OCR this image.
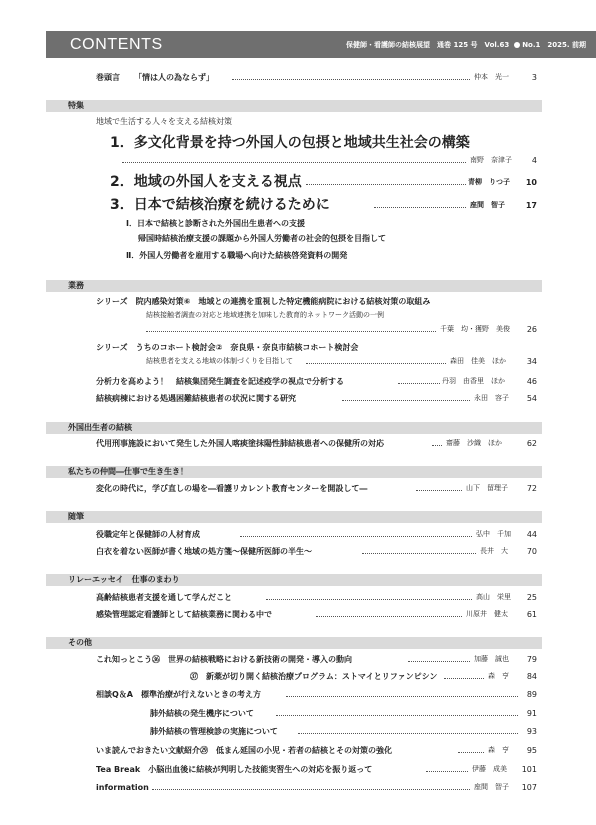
CONTENTS	保健師・看護師の結核展望 通巻 125 号 Vol.63 No.1 2025. 前期
巻頭言 「情は人の為ならず」	仲本　光一	3
特集
地域で生活する人々を支える結核対策
1．多文化背景を持つ外国人の包摂と地域共生社会の構築
南野　奈津子 4
2．地域の外国人を支える視点	青柳　りつ子 10
3．日本で結核治療を続けるために	座間　智子	17
Ⅰ．日本で結核と診断された外国出生患者への支援
帰国時結核治療支援の課題から外国人労働者の社会的包摂を目指して
Ⅱ．外国人労働者を雇用する職場へ向けた結核啓発資料の開発
業務
シリーズ　院内感染対策⑥　地域との連携を重視した特定機能病院における結核対策の取組み
結核接触者調査の対応と地域連携を加味した教育的ネットワーク活動の一例
千葉　均・獲野　美俊 26
シリーズ　うちのコホート検討会②　奈良県・奈良市結核コホート検討会
結核患者を支える地域の体制づくりを目指して	森田　佳美　ほか	34
分析力を高めよう！　結核集団発生調査を記述疫学の視点で分析する	丹羽　由香里　ほか	46
結核病棟における処遇困難結核患者の状況に関する研究	永田　容子 54
外国出生者の結核
代用刑事施設において発生した外国人喀痰塗抹陽性肺結核患者への保健所の対応	齋藤　沙織　ほか	62
私たちの仲間―仕事で生き生き！
変化の時代に，学び直しの場を―看護リカレント教育センターを開設して―	山下　留理子 72
随筆
役職定年と保健師の人材育成	弘中　千加 44
白衣を着ない医師が書く地域の処方箋～保健所医師の半生～	長井　大 70
リレーエッセイ　仕事のまわり
高齢結核患者支援を通して学んだこと	高山　栄里 25
感染管理認定看護師として結核業務に関わる中で	川原井　健太 61
その他
これ知っとこう㊱　世界の結核戦略における新技術の開発・導入の動向	加藤　誠也 79
㊲　新薬が切り開く結核治療プログラム：ストマイとリファンピシン	森　亨 84
相談Q＆A　標準治療が行えないときの考え方	89
肺外結核の発生機序について	91
肺外結核の管理検診の実施について	93
いま読んでおきたい文献紹介㉙　低まん延国の小児・若者の結核とその対策の強化	森　亨 95
Tea Break　小脳出血後に結核が判明した技能実習生への対応を振り返って	伊藤　成美 101
information	座間　智子 107
